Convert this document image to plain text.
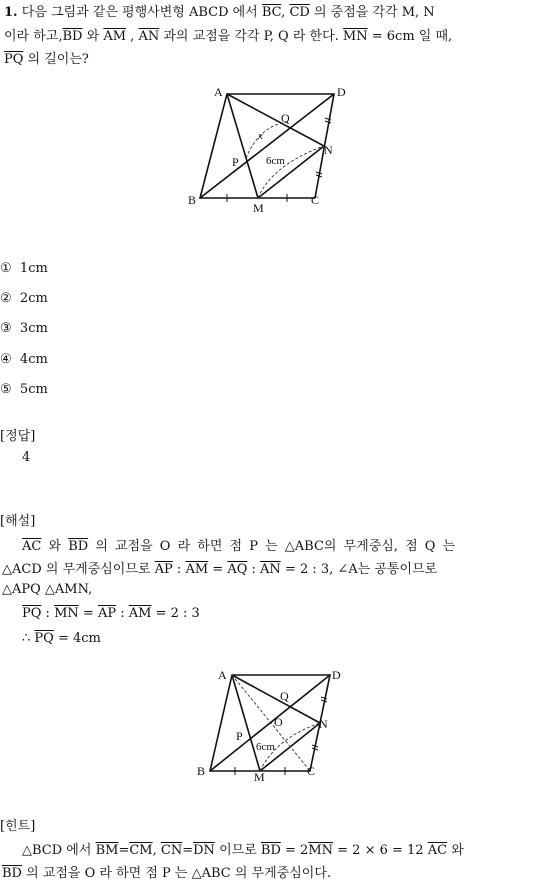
1. 다음 그림과 같은 평행사변형 ABCD 에서 $\overline{BC}$, $\overline{CD}$ 의 중점을 각각 M, N
이라 하고$,\overline{BD}$ 와 $\overline{AM}$ , $\overline{AN}$ 과의 교점을 각각 P, Q 라 한다. $\overline{MN} = 6cm$ 일 때,
$\overline{PQ}$ 의 길이는?
A	D
B	C
M
N
P
Q
x
6cm
① 1cm
② 2cm
③ 3cm
④ 4cm
⑤ 5cm
[정답]
4
[해설]
$\overline{AC}$ 와 $\overline{BD}$ 의 교점을 O 라 하면 점 P 는 △ABC의 무게중심, 점 Q 는
△ACD 의 무게중심이므로 $\overline{AP}$ : $\overline{AM} = \overline{AQ}$ : $\overline{AN} = 2$ : 3, ∠A는 공통이므로
△APQ △AMN,
$\overline{PQ}$ : $\overline{MN} = \overline{AP}$ : $\overline{AM} = 2$ : 3
∴ $\overline{PQ} = 4cm$
A	D
B	C
M
N
P
Q
O
6cm
[힌트]
△BCD 에서 $\overline{BM}=\overline{CM}$, $\overline{CN}=\overline{DN}$ 이므로 $\overline{BD} = 2\overline{MN} = 2 \times 6 = 12$ $\overline{AC}$ 와
$\overline{BD}$ 의 교점을 O 라 하면 점 P 는 △ABC 의 무게중심이다.
